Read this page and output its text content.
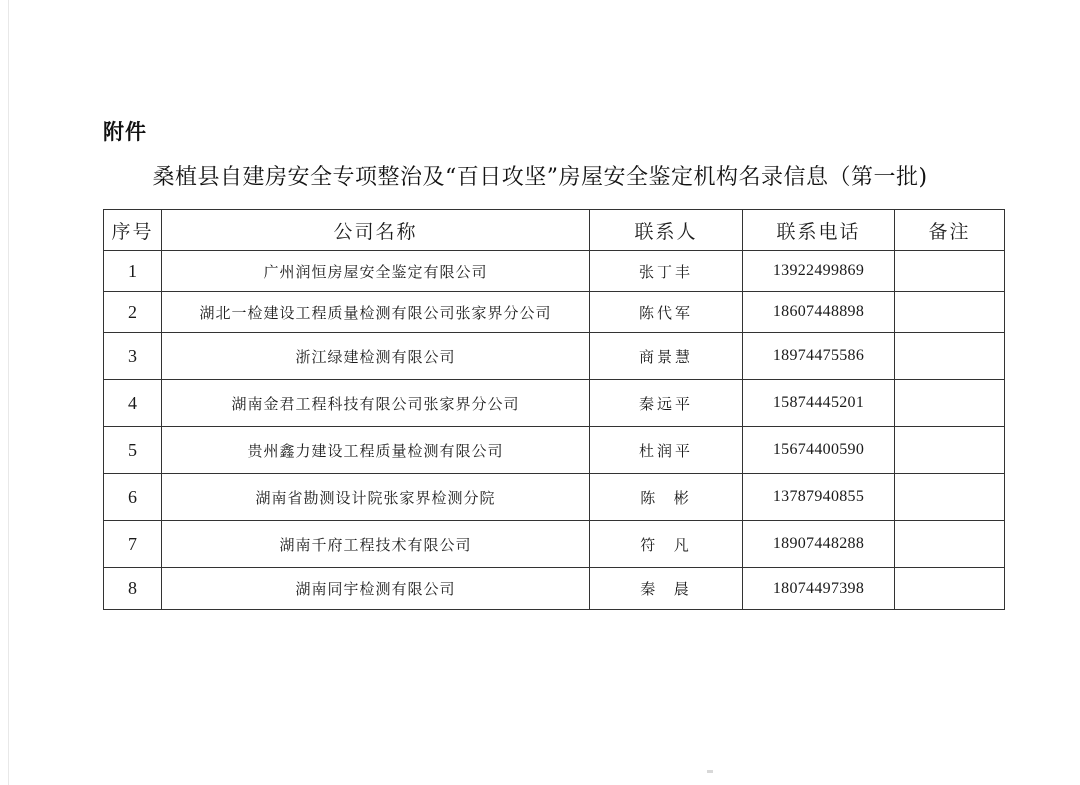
附件
桑植县自建房安全专项整治及“百日攻坚”房屋安全鉴定机构名录信息（第一批)
序号	公司名称	联系人	联系电话	备注
1	广州润恒房屋安全鉴定有限公司	张丁丰	13922499869	
2	湖北一检建设工程质量检测有限公司张家界分公司	陈代军	18607448898	
3	浙江绿建检测有限公司	商景慧	18974475586	
4	湖南金君工程科技有限公司张家界分公司	秦远平	15874445201	
5	贵州鑫力建设工程质量检测有限公司	杜润平	15674400590	
6	湖南省勘测设计院张家界检测分院	陈  彬	13787940855	
7	湖南千府工程技术有限公司	符  凡	18907448288	
8	湖南同宇检测有限公司	秦  晨	18074497398	
